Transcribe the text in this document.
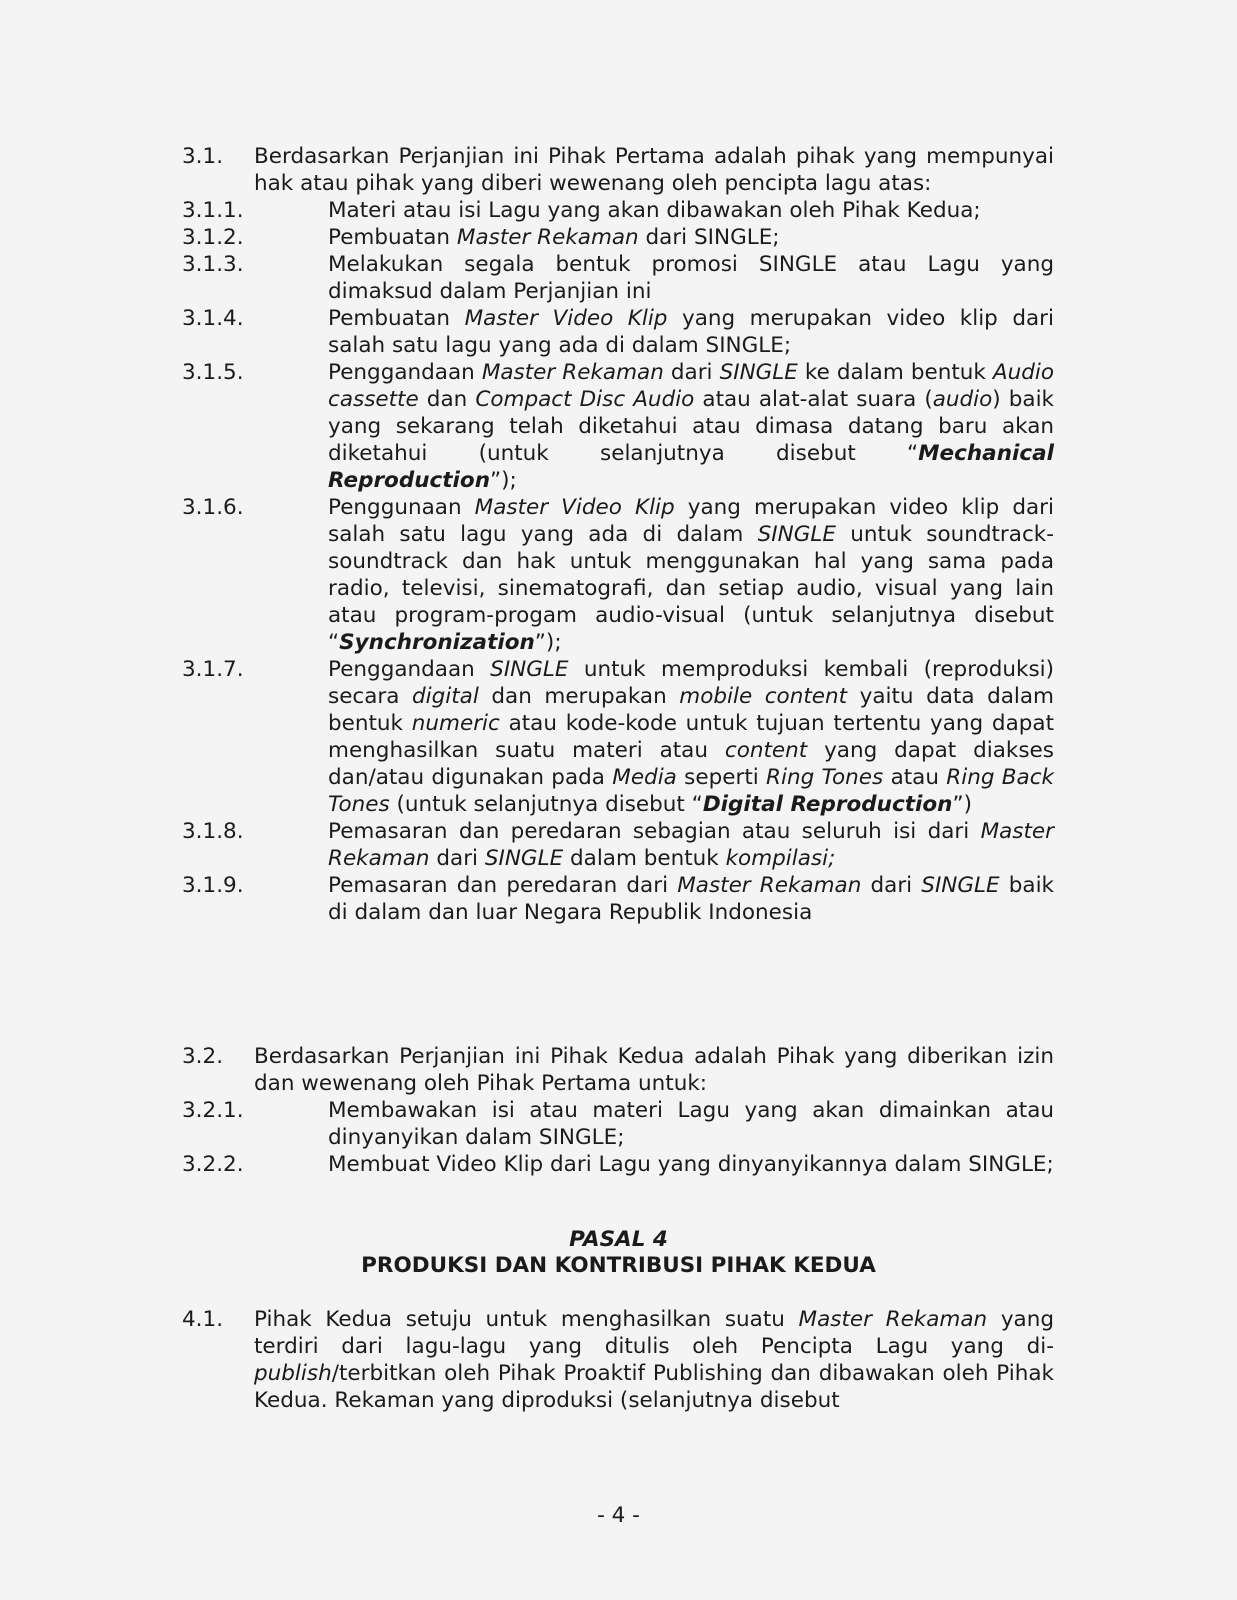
3.1. Berdasarkan Perjanjian ini Pihak Pertama adalah pihak yang mempunyai hak atau pihak yang diberi wewenang oleh pencipta lagu atas:
3.1.1.	Materi atau isi Lagu yang akan dibawakan oleh Pihak Kedua;
3.1.2.	Pembuatan Master Rekaman dari SINGLE;
3.1.3.	Melakukan segala bentuk promosi SINGLE atau Lagu yang dimaksud dalam Perjanjian ini
3.1.4.	Pembuatan Master Video Klip yang merupakan video klip dari salah satu lagu yang ada di dalam SINGLE;
3.1.5.	Penggandaan Master Rekaman dari SINGLE ke dalam bentuk Audio cassette dan Compact Disc Audio atau alat-alat suara (audio) baik yang sekarang telah diketahui atau dimasa datang baru akan diketahui (untuk selanjutnya disebut “Mechanical Reproduction”);
3.1.6.	Penggunaan Master Video Klip yang merupakan video klip dari salah satu lagu yang ada di dalam SINGLE untuk soundtrack-soundtrack dan hak untuk menggunakan hal yang sama pada radio, televisi, sinematografi, dan setiap audio, visual yang lain atau program-progam audio-visual (untuk selanjutnya disebut “Synchronization”);
3.1.7.	Penggandaan SINGLE untuk memproduksi kembali (reproduksi) secara digital dan merupakan mobile content yaitu data dalam bentuk numeric atau kode-kode untuk tujuan tertentu yang dapat menghasilkan suatu materi atau content yang dapat diakses dan/atau digunakan pada Media seperti Ring Tones atau Ring Back Tones (untuk selanjutnya disebut “Digital Reproduction”)
3.1.8.	Pemasaran dan peredaran sebagian atau seluruh isi dari Master Rekaman dari SINGLE dalam bentuk kompilasi;
3.1.9.	Pemasaran dan peredaran dari Master Rekaman dari SINGLE baik di dalam dan luar Negara Republik Indonesia
3.2. Berdasarkan Perjanjian ini Pihak Kedua adalah Pihak yang diberikan izin dan wewenang oleh Pihak Pertama untuk:
3.2.1.	Membawakan isi atau materi Lagu yang akan dimainkan atau dinyanyikan dalam SINGLE;
3.2.2.	Membuat Video Klip dari Lagu yang dinyanyikannya dalam SINGLE;
PASAL 4
PRODUKSI DAN KONTRIBUSI PIHAK KEDUA
4.1. Pihak Kedua setuju untuk menghasilkan suatu Master Rekaman yang terdiri dari lagu-lagu yang ditulis oleh Pencipta Lagu yang di-publish/terbitkan oleh Pihak Proaktif Publishing dan dibawakan oleh Pihak Kedua. Rekaman yang diproduksi (selanjutnya disebut
- 4 -
